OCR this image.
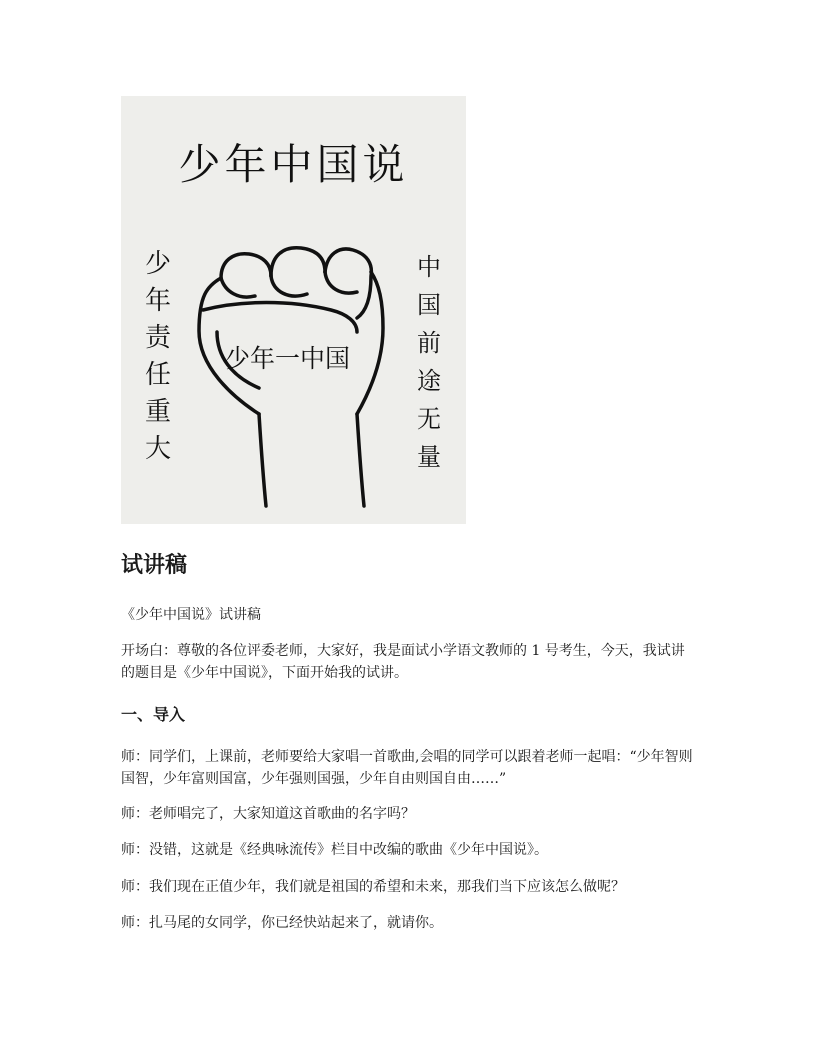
少年中国说
少年责任重大
中国前途无量
少年一中国
试讲稿

《少年中国说》试讲稿

开场白：尊敬的各位评委老师，大家好，我是面试小学语文教师的 1 号考生，今天，我试讲的题目是《少年中国说》，下面开始我的试讲。

一、导入

师：同学们，上课前，老师要给大家唱一首歌曲,会唱的同学可以跟着老师一起唱：“少年智则国智，少年富则国富，少年强则国强，少年自由则国自由……”

师：老师唱完了，大家知道这首歌曲的名字吗？

师：没错，这就是《经典咏流传》栏目中改编的歌曲《少年中国说》。

师：我们现在正值少年，我们就是祖国的希望和未来，那我们当下应该怎么做呢？

师：扎马尾的女同学，你已经快站起来了，就请你。
